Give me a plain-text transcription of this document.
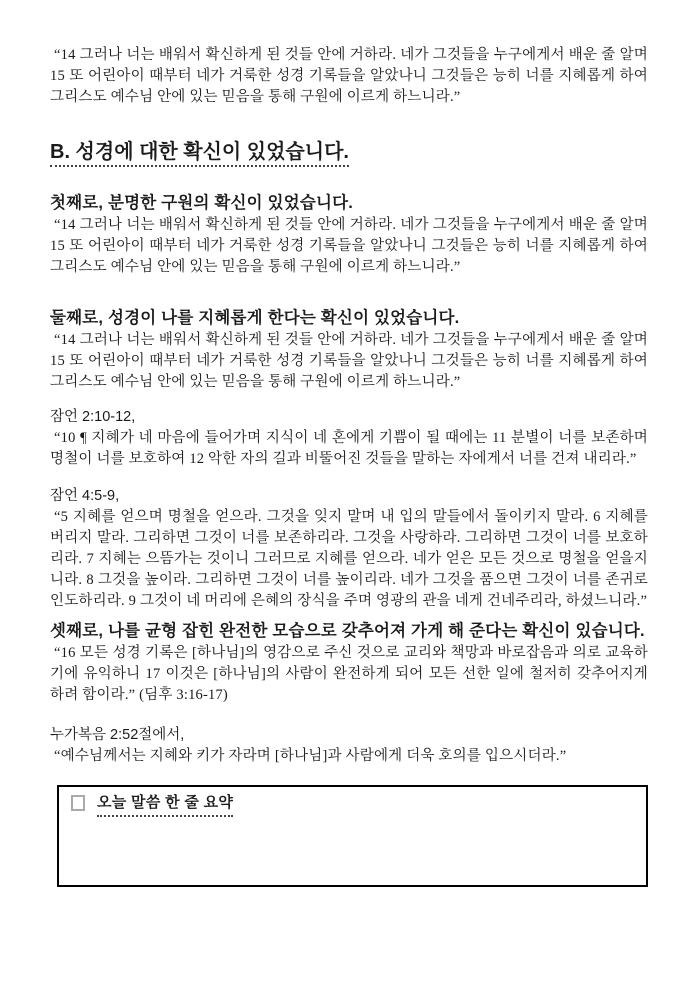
“14 그러나 너는 배워서 확신하게 된 것들 안에 거하라. 네가 그것들을 누구에게서 배운 줄 알며 15 또 어린아이 때부터 네가 거룩한 성경 기록들을 알았나니 그것들은 능히 너를 지혜롭게 하여 그리스도 예수님 안에 있는 믿음을 통해 구원에 이르게 하느니라.”

B. 성경에 대한 확신이 있었습니다.
첫째로, 분명한 구원의 확신이 있었습니다.

“14 그러나 너는 배워서 확신하게 된 것들 안에 거하라. 네가 그것들을 누구에게서 배운 줄 알며 15 또 어린아이 때부터 네가 거룩한 성경 기록들을 알았나니 그것들은 능히 너를 지혜롭게 하여 그리스도 예수님 안에 있는 믿음을 통해 구원에 이르게 하느니라.”

둘째로, 성경이 나를 지혜롭게 한다는 확신이 있었습니다.

“14 그러나 너는 배워서 확신하게 된 것들 안에 거하라. 네가 그것들을 누구에게서 배운 줄 알며 15 또 어린아이 때부터 네가 거룩한 성경 기록들을 알았나니 그것들은 능히 너를 지혜롭게 하여 그리스도 예수님 안에 있는 믿음을 통해 구원에 이르게 하느니라.”

잠언 2:10-12,

“10 ¶ 지혜가 네 마음에 들어가며 지식이 네 혼에게 기쁨이 될 때에는 11 분별이 너를 보존하며 명철이 너를 보호하여 12 악한 자의 길과 비뚤어진 것들을 말하는 자에게서 너를 건져 내리라.”

잠언 4:5-9,

“5 지혜를 얻으며 명철을 얻으라. 그것을 잊지 말며 내 입의 말들에서 돌이키지 말라. 6 지혜를 버리지 말라. 그리하면 그것이 너를 보존하리라. 그것을 사랑하라. 그리하면 그것이 너를 보호하리라. 7 지혜는 으뜸가는 것이니 그러므로 지혜를 얻으라. 네가 얻은 모든 것으로 명철을 얻을지니라. 8 그것을 높이라. 그리하면 그것이 너를 높이리라. 네가 그것을 품으면 그것이 너를 존귀로 인도하리라. 9 그것이 네 머리에 은혜의 장식을 주며 영광의 관을 네게 건네주리라, 하셨느니라.”

셋째로, 나를 균형 잡힌 완전한 모습으로 갖추어져 가게 해 준다는 확신이 있습니다.

“16 모든 성경 기록은 [하나님]의 영감으로 주신 것으로 교리와 책망과 바로잡음과 의로 교육하기에 유익하니 17 이것은 [하나님]의 사람이 완전하게 되어 모든 선한 일에 철저히 갖추어지게 하려 함이라.” (딤후 3:16-17)

누가복음 2:52절에서,

“예수님께서는 지혜와 키가 자라며 [하나님]과 사람에게 더욱 호의를 입으시더라.”

오늘 말씀 한 줄 요약
